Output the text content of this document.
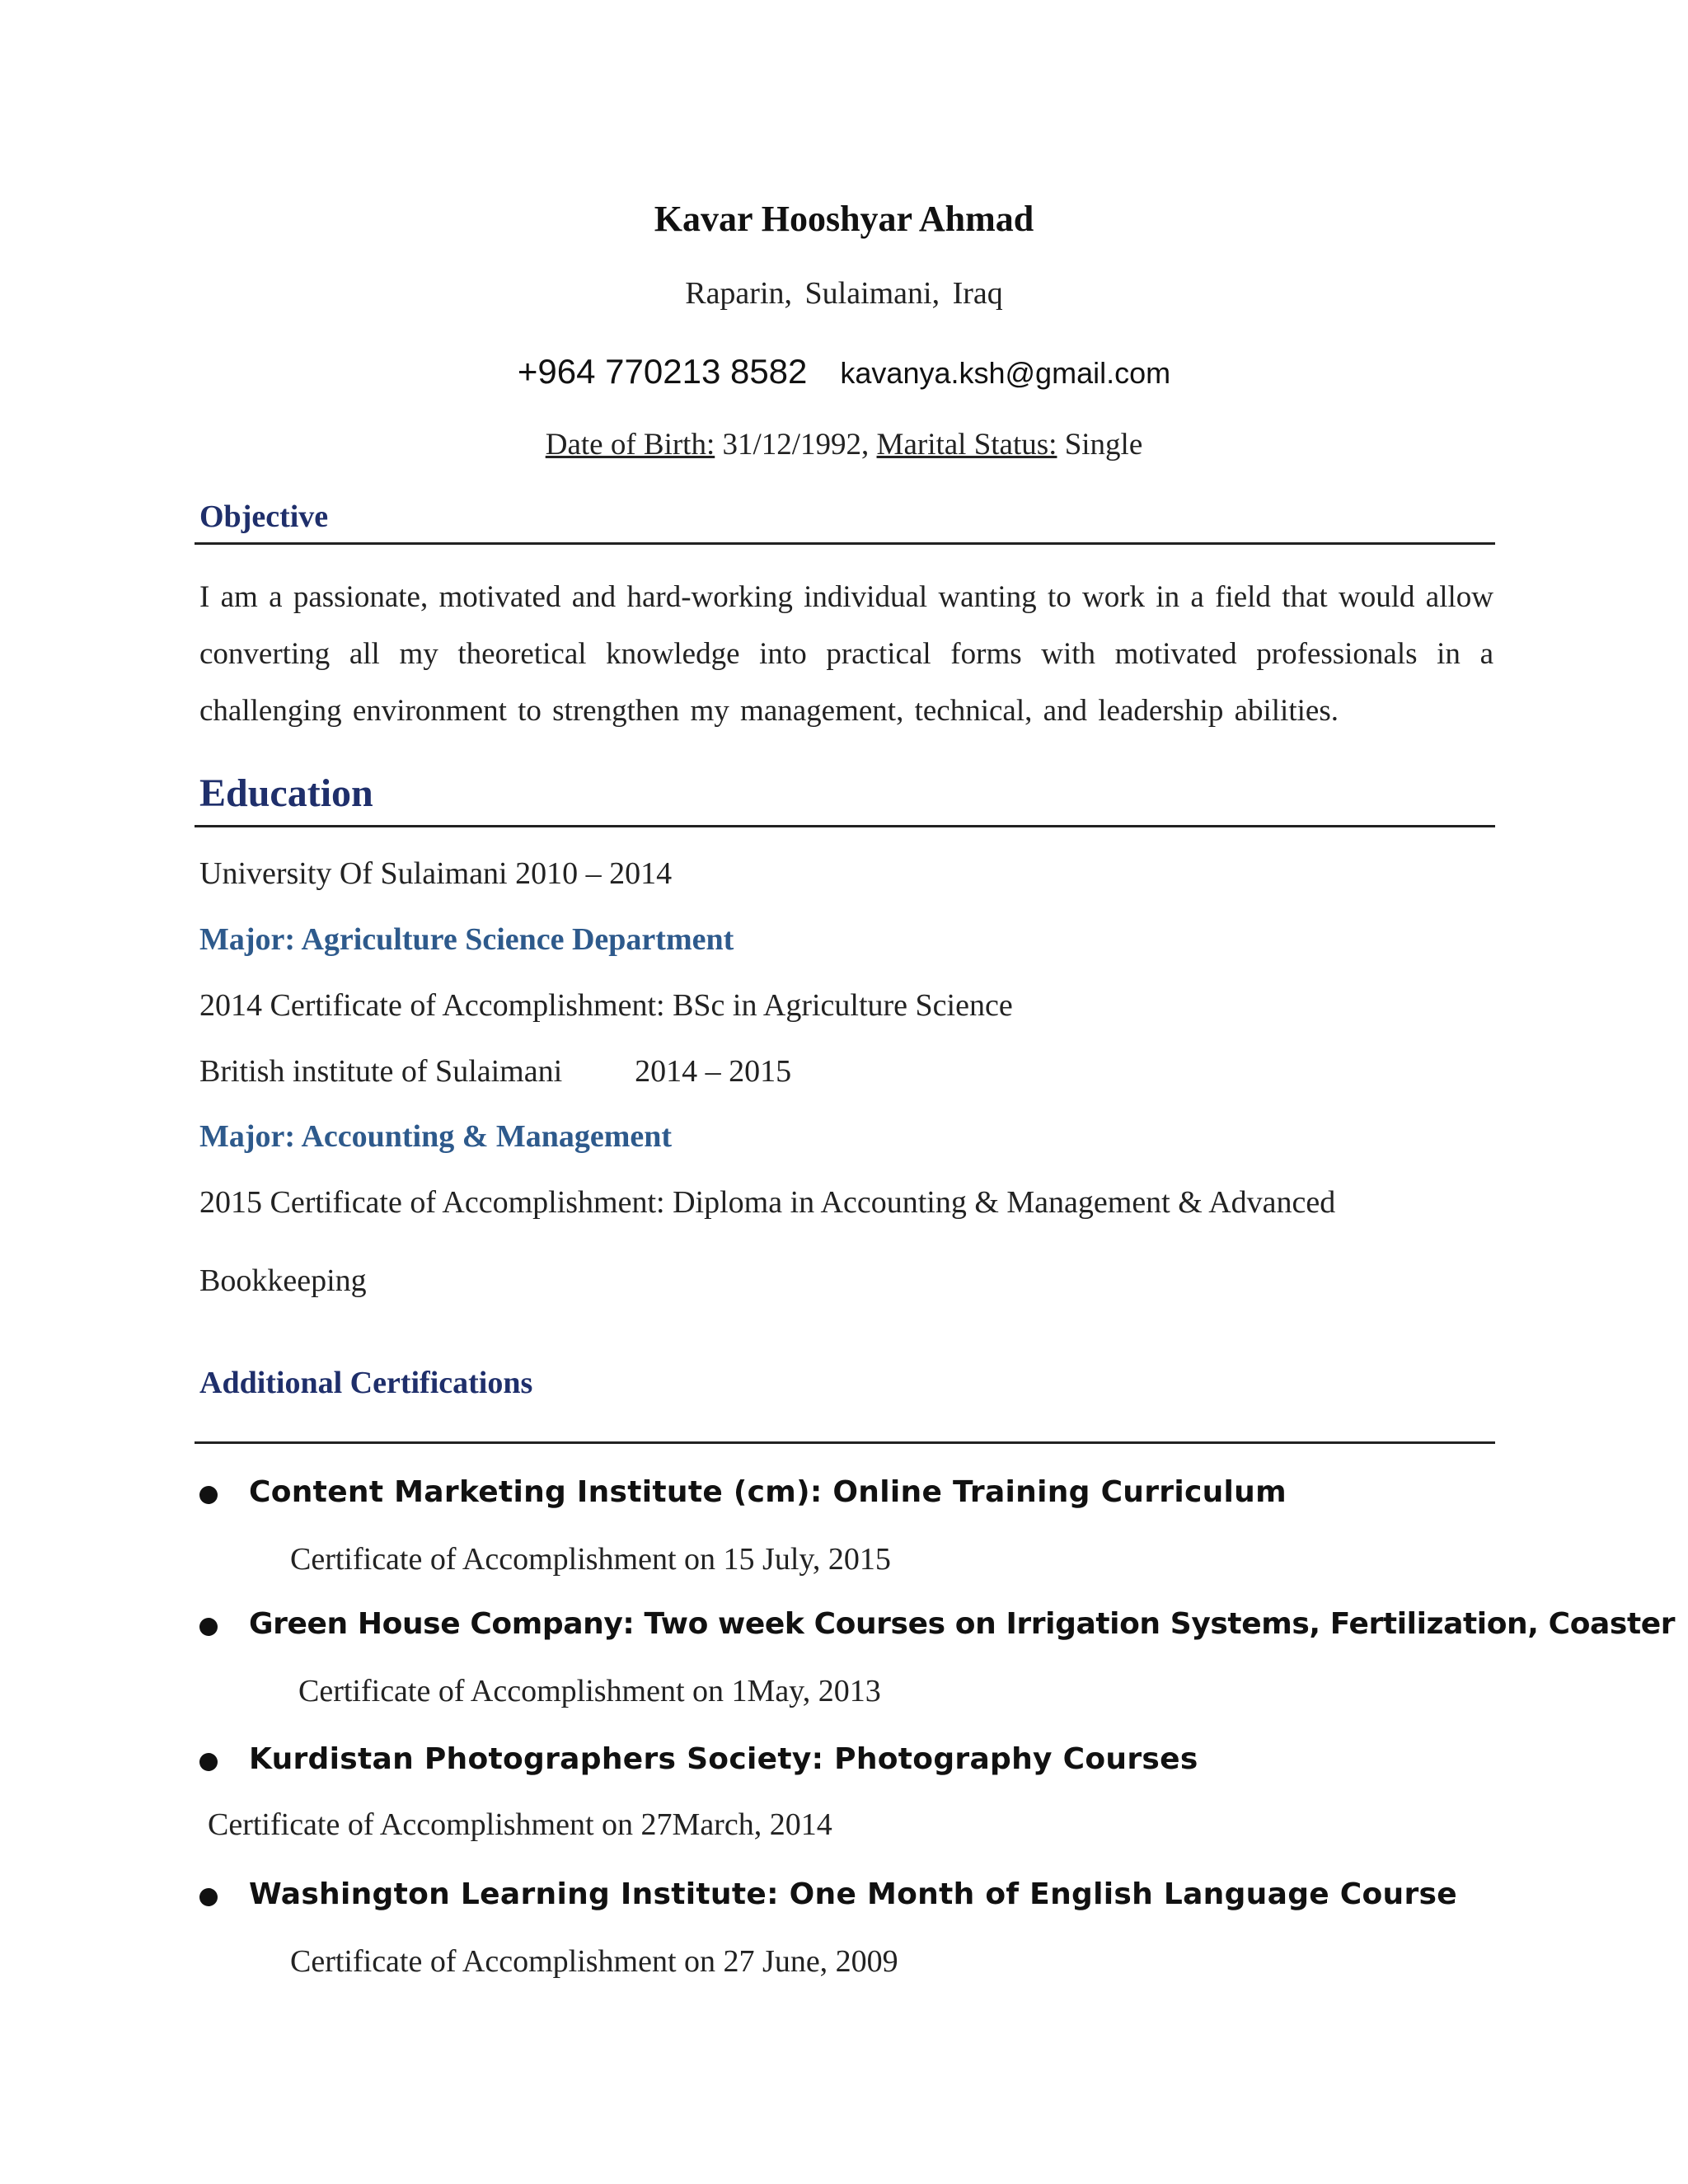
Kavar Hooshyar Ahmad
Raparin, Sulaimani, Iraq
+964 770213 8582 kavanya.ksh@gmail.com
Date of Birth: 31/12/1992, Marital Status: Single
Objective
I am a passionate, motivated and hard-working individual wanting to work in a field that would allow converting all my theoretical knowledge into practical forms with motivated professionals in a challenging environment to strengthen my management, technical, and leadership abilities.
Education
University Of Sulaimani 2010 – 2014
Major: Agriculture Science Department
2014 Certificate of Accomplishment: BSc in Agriculture Science
British institute of Sulaimani 2014 – 2015
Major: Accounting & Management
2015 Certificate of Accomplishment: Diploma in Accounting & Management & Advanced
Bookkeeping
Additional Certifications
Content Marketing Institute (cm): Online Training Curriculum
Certificate of Accomplishment on 15 July, 2015
Green House Company: Two week Courses on Irrigation Systems, Fertilization, Coaster
Certificate of Accomplishment on 1May, 2013
Kurdistan Photographers Society: Photography Courses
Certificate of Accomplishment on 27March, 2014
Washington Learning Institute: One Month of English Language Course
Certificate of Accomplishment on 27 June, 2009
